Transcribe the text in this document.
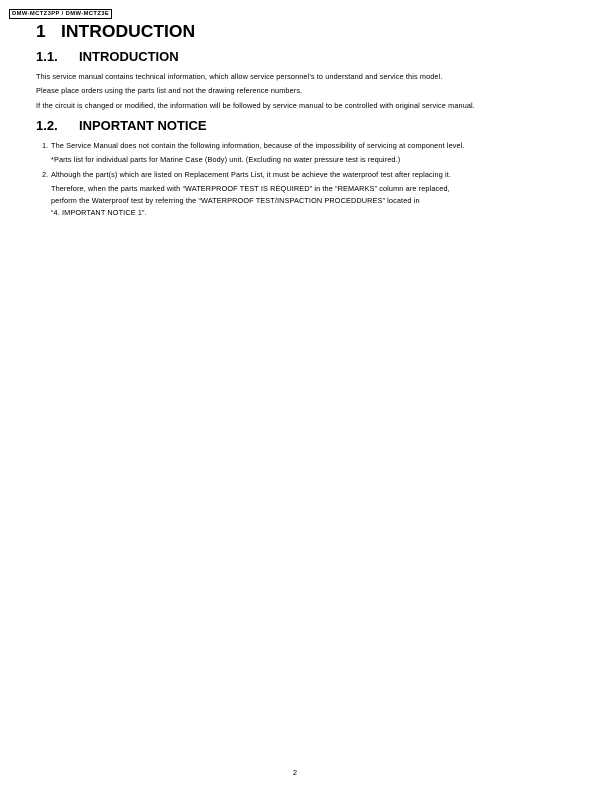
DMW-MCTZ3PP / DMW-MCTZ3E
1 INTRODUCTION
1.1. INTRODUCTION

This service manual contains technical information, which allow service personnel's to understand and service this model.

Please place orders using the parts list and not the drawing reference numbers.

If the circuit is changed or modified, the information will be followed by service manual to be controlled with original service manual.

1.2. INPORTANT NOTICE
1. The Service Manual does not contain the following information, because of the impossibility of servicing at component level.
*Parts list for individual parts for Marine Case (Body) unit. (Excluding no water pressure test is required.)
2. Although the part(s) which are listed on Replacement Parts List, it must be achieve the waterproof test after replacing it.
Therefore, when the parts marked with “WATERPROOF TEST IS REQUIRED” in the “REMARKS” column are replaced,
perform the Waterproof test by referring the “WATERPROOF TEST/INSPACTION PROCEDDURES” located in
“4. IMPORTANT NOTICE 1”.
2
